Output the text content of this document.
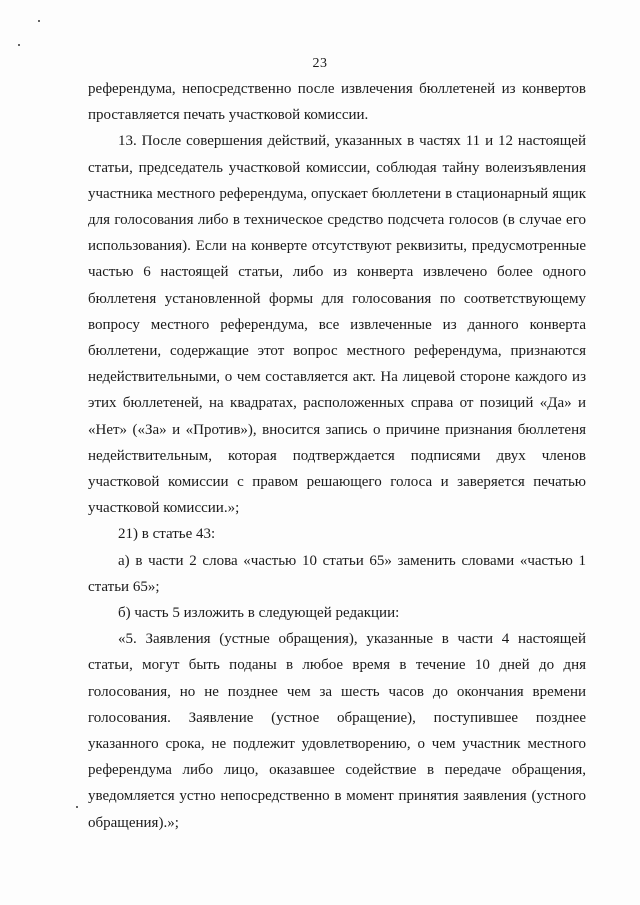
23

референдума, непосредственно после извлечения бюллетеней из конвертов проставляется печать участковой комиссии.

13. После совершения действий, указанных в частях 11 и 12 настоящей статьи, председатель участковой комиссии, соблюдая тайну волеизъявления участника местного референдума, опускает бюллетени в стационарный ящик для голосования либо в техническое средство подсчета голосов (в случае его использования). Если на конверте отсутствуют реквизиты, предусмотренные частью 6 настоящей статьи, либо из конверта извлечено более одного бюллетеня установленной формы для голосования по соответствующему вопросу местного референдума, все извлеченные из данного конверта бюллетени, содержащие этот вопрос местного референдума, признаются недействительными, о чем составляется акт. На лицевой стороне каждого из этих бюллетеней, на квадратах, расположенных справа от позиций «Да» и «Нет» («За» и «Против»), вносится запись о причине признания бюллетеня недействительным, которая подтверждается подписями двух членов участковой комиссии с правом решающего голоса и заверяется печатью участковой комиссии.»;

21) в статье 43:

а) в части 2 слова «частью 10 статьи 65» заменить словами «частью 1 статьи 65»;

б) часть 5 изложить в следующей редакции:

«5. Заявления (устные обращения), указанные в части 4 настоящей статьи, могут быть поданы в любое время в течение 10 дней до дня голосования, но не позднее чем за шесть часов до окончания времени голосования. Заявление (устное обращение), поступившее позднее указанного срока, не подлежит удовлетворению, о чем участник местного референдума либо лицо, оказавшее содействие в передаче обращения, уведомляется устно непосредственно в момент принятия заявления (устного обращения).»;
